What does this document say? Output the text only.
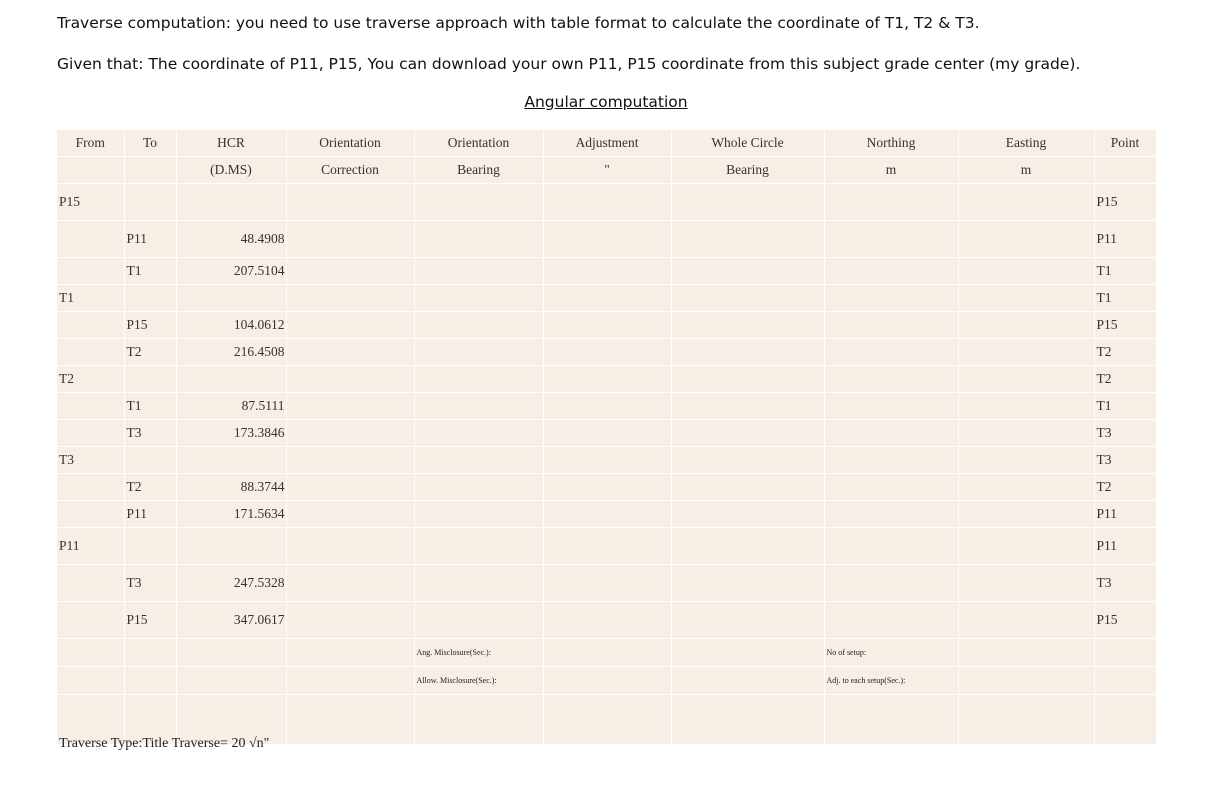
Traverse computation: you need to use traverse approach with table format to calculate the coordinate of T1, T2 & T3.
Given that: The coordinate of P11, P15, You can download your own P11, P15 coordinate from this subject grade center (my grade).
Angular computation
From	To	HCR	Orientation	Orientation	Adjustment	Whole Circle	Northing	Easting	Point
		(D.MS)	Correction	Bearing	"	Bearing	m	m	
P15									P15
	P11	48.4908							P11
	T1	207.5104							T1
T1									T1
	P15	104.0612							P15
	T2	216.4508							T2
T2									T2
	T1	87.5111							T1
	T3	173.3846							T3
T3									T3
	T2	88.3744							T2
	P11	171.5634							P11
P11									P11
	T3	247.5328							T3
	P15	347.0617							P15
				Ang. Misclosure(Sec.):			No of setup:		
				Allow. Misclosure(Sec.):			Adj. to each setup(Sec.):		

Traverse Type:Title Traverse= 20 √n"
